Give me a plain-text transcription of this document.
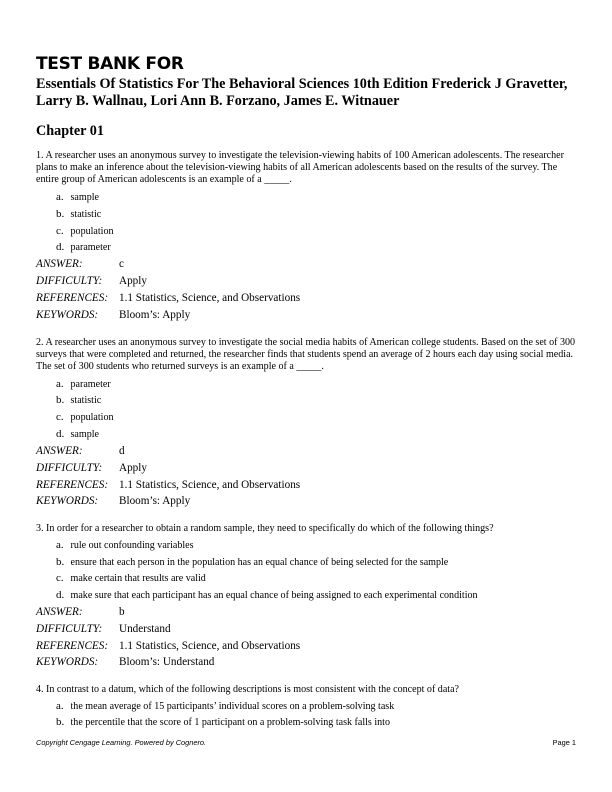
TEST BANK FOR
Essentials Of Statistics For The Behavioral Sciences 10th Edition Frederick J Gravetter, Larry B. Wallnau, Lori Ann B. Forzano, James E. Witnauer
Chapter 01
1. A researcher uses an anonymous survey to investigate the television-viewing habits of 100 American adolescents. The researcher plans to make an inference about the television-viewing habits of all American adolescents based on the results of the survey. The entire group of American adolescents is an example of a _____.
a. sample
b. statistic
c. population
d. parameter
ANSWER:	c
DIFFICULTY: Apply
REFERENCES: 1.1 Statistics, Science, and Observations
KEYWORDS: Bloom’s: Apply
2. A researcher uses an anonymous survey to investigate the social media habits of American college students. Based on the set of 300 surveys that were completed and returned, the researcher finds that students spend an average of 2 hours each day using social media. The set of 300 students who returned surveys is an example of a _____.
a. parameter
b. statistic
c. population
d. sample
ANSWER:	d
DIFFICULTY: Apply
REFERENCES: 1.1 Statistics, Science, and Observations
KEYWORDS: Bloom’s: Apply
3. In order for a researcher to obtain a random sample, they need to specifically do which of the following things?
a. rule out confounding variables
b. ensure that each person in the population has an equal chance of being selected for the sample
c. make certain that results are valid
d. make sure that each participant has an equal chance of being assigned to each experimental condition
ANSWER:	b
DIFFICULTY: Understand
REFERENCES: 1.1 Statistics, Science, and Observations
KEYWORDS: Bloom’s: Understand
4. In contrast to a datum, which of the following descriptions is most consistent with the concept of data?
a. the mean average of 15 participants’ individual scores on a problem-solving task
b. the percentile that the score of 1 participant on a problem-solving task falls into
Copyright Cengage Learning. Powered by Cognero.	Page 1
